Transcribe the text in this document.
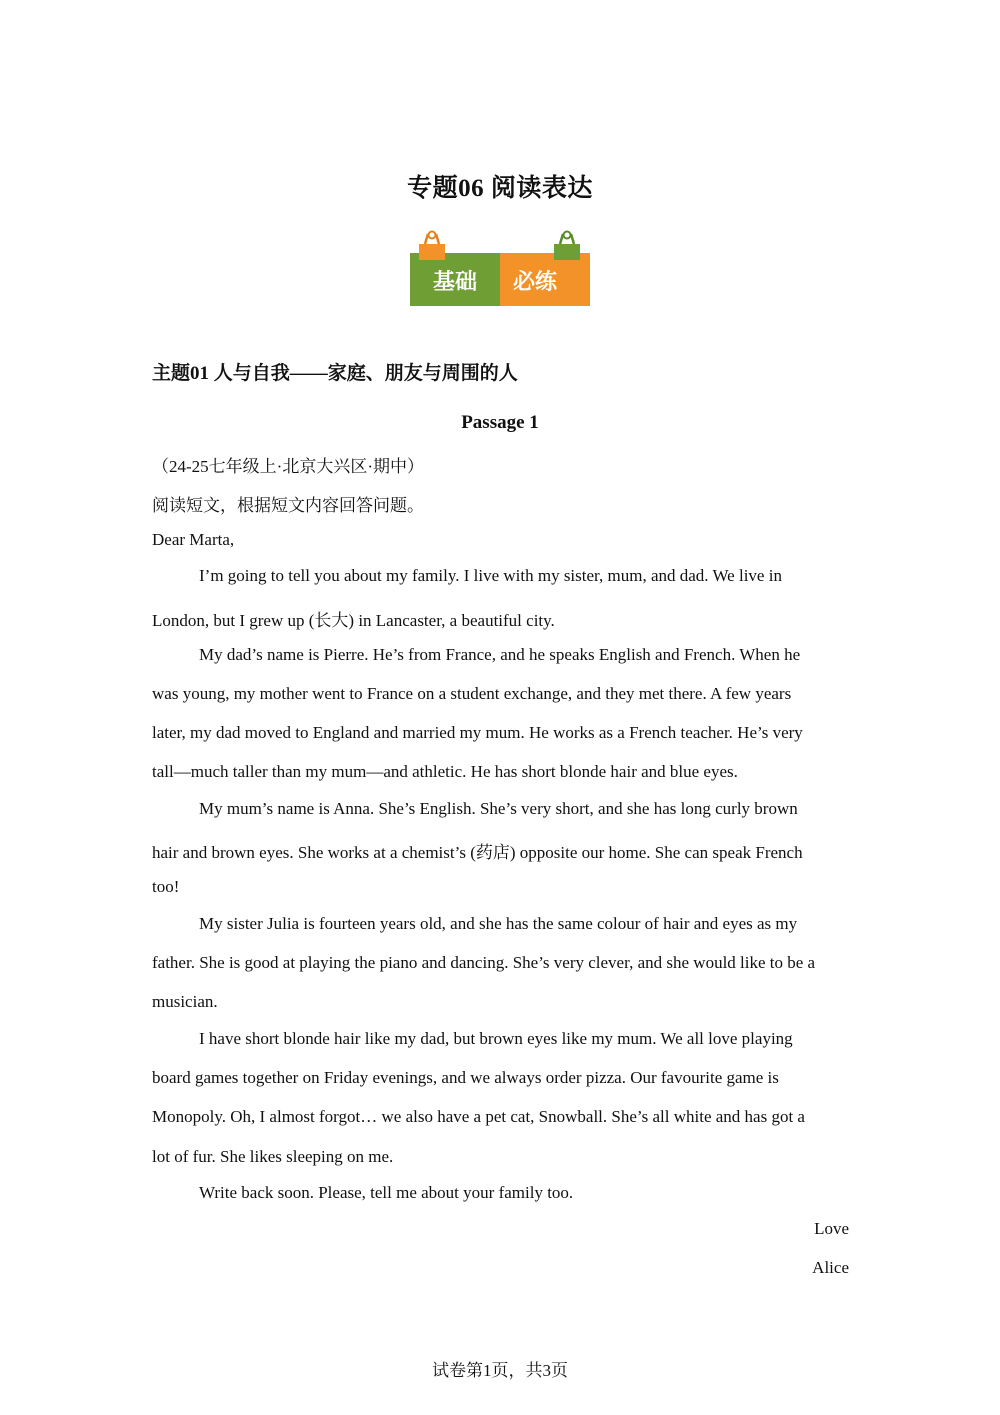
专题06 阅读表达
基础 必练
主题01 人与自我——家庭、朋友与周围的人
Passage 1
（24-25七年级上·北京大兴区·期中）
阅读短文，根据短文内容回答问题。
Dear Marta,
I’m going to tell you about my family. I live with my sister, mum, and dad. We live in
London, but I grew up (长大) in Lancaster, a beautiful city.
My dad’s name is Pierre. He’s from France, and he speaks English and French. When he
was young, my mother went to France on a student exchange, and they met there. A few years
later, my dad moved to England and married my mum. He works as a French teacher. He’s very
tall—much taller than my mum—and athletic. He has short blonde hair and blue eyes.
My mum’s name is Anna. She’s English. She’s very short, and she has long curly brown
hair and brown eyes. She works at a chemist’s (药店) opposite our home. She can speak French
too!
My sister Julia is fourteen years old, and she has the same colour of hair and eyes as my
father. She is good at playing the piano and dancing. She’s very clever, and she would like to be a
musician.
I have short blonde hair like my dad, but brown eyes like my mum. We all love playing
board games together on Friday evenings, and we always order pizza. Our favourite game is
Monopoly. Oh, I almost forgot… we also have a pet cat, Snowball. She’s all white and has got a
lot of fur. She likes sleeping on me.
Write back soon. Please, tell me about your family too.
Love
Alice
试卷第1页，共3页
